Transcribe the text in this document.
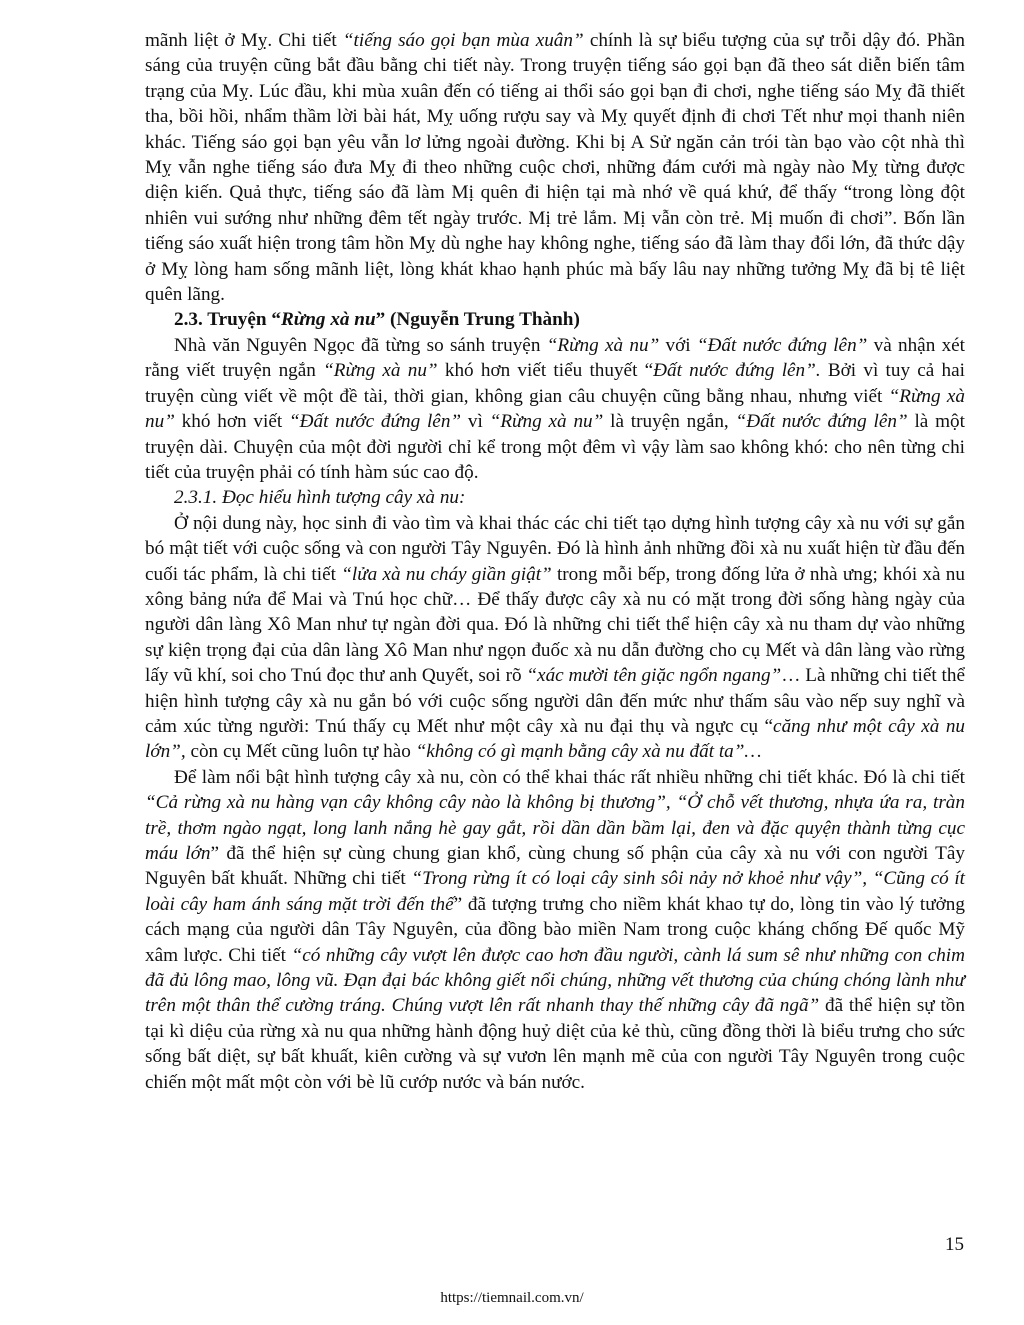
mãnh liệt ở Mỵ. Chi tiết “tiếng sáo gọi bạn mùa xuân” chính là sự biểu tượng của sự trỗi dậy đó. Phần sáng của truyện cũng bắt đầu bằng chi tiết này. Trong truyện tiếng sáo gọi bạn đã theo sát diễn biến tâm trạng của Mỵ. Lúc đầu, khi mùa xuân đến có tiếng ai thổi sáo gọi bạn đi chơi, nghe tiếng sáo Mỵ đã thiết tha, bồi hồi, nhẩm thầm lời bài hát, Mỵ uống rượu say và Mỵ quyết định đi chơi Tết như mọi thanh niên khác. Tiếng sáo gọi bạn yêu vẫn lơ lửng ngoài đường. Khi bị A Sử ngăn cản trói tàn bạo vào cột nhà thì Mỵ vẫn nghe tiếng sáo đưa Mỵ đi theo những cuộc chơi, những đám cưới mà ngày nào Mỵ từng được diện kiến. Quả thực, tiếng sáo đã làm Mị quên đi hiện tại mà nhớ về quá khứ, để thấy “trong lòng đột nhiên vui sướng như những đêm tết ngày trước. Mị trẻ lắm. Mị vẫn còn trẻ. Mị muốn đi chơi”. Bốn lần tiếng sáo xuất hiện trong tâm hồn Mỵ dù nghe hay không nghe, tiếng sáo đã làm thay đổi lớn, đã thức dậy ở Mỵ lòng ham sống mãnh liệt, lòng khát khao hạnh phúc mà bấy lâu nay những tưởng Mỵ đã bị tê liệt quên lãng.

2.3. Truyện “Rừng xà nu” (Nguyễn Trung Thành)

Nhà văn Nguyên Ngọc đã từng so sánh truyện “Rừng xà nu” với “Đất nước đứng lên” và nhận xét rằng viết truyện ngắn “Rừng xà nu” khó hơn viết tiểu thuyết “Đất nước đứng lên”. Bởi vì tuy cả hai truyện cùng viết về một đề tài, thời gian, không gian câu chuyện cũng bằng nhau, nhưng viết “Rừng xà nu” khó hơn viết “Đất nước đứng lên” vì “Rừng xà nu” là truyện ngắn, “Đất nước đứng lên” là một truyện dài. Chuyện của một đời người chỉ kể trong một đêm vì vậy làm sao không khó: cho nên từng chi tiết của truyện phải có tính hàm súc cao độ.

2.3.1. Đọc hiểu hình tượng cây xà nu:

Ở nội dung này, học sinh đi vào tìm và khai thác các chi tiết tạo dựng hình tượng cây xà nu với sự gắn bó mật tiết với cuộc sống và con người Tây Nguyên. Đó là hình ảnh những đồi xà nu xuất hiện từ đầu đến cuối tác phẩm, là chi tiết “lửa xà nu cháy giần giật” trong mỗi bếp, trong đống lửa ở nhà ưng; khói xà nu xông bảng nứa để Mai và Tnú học chữ… Để thấy được cây xà nu có mặt trong đời sống hàng ngày của người dân làng Xô Man như tự ngàn đời qua. Đó là những chi tiết thể hiện cây xà nu tham dự vào những sự kiện trọng đại của dân làng Xô Man như ngọn đuốc xà nu dẫn đường cho cụ Mết và dân làng vào rừng lấy vũ khí, soi cho Tnú đọc thư anh Quyết, soi rõ “xác mười tên giặc ngổn ngang”… Là những chi tiết thể hiện hình tượng cây xà nu gắn bó với cuộc sống người dân đến mức như thấm sâu vào nếp suy nghĩ và cảm xúc từng người: Tnú thấy cụ Mết như một cây xà nu đại thụ và ngực cụ “căng như một cây xà nu lớn”, còn cụ Mết cũng luôn tự hào “không có gì mạnh bằng cây xà nu đất ta”…

Để làm nổi bật hình tượng cây xà nu, còn có thể khai thác rất nhiều những chi tiết khác. Đó là chi tiết “Cả rừng xà nu hàng vạn cây không cây nào là không bị thương”, “Ở chỗ vết thương, nhựa ứa ra, tràn trề, thơm ngào ngạt, long lanh nắng hè gay gắt, rồi dần dần bầm lại, đen và đặc quyện thành từng cục máu lớn” đã thể hiện sự cùng chung gian khổ, cùng chung số phận của cây xà nu với con người Tây Nguyên bất khuất. Những chi tiết “Trong rừng ít có loại cây sinh sôi nảy nở khoẻ như vậy”, “Cũng có ít loài cây ham ánh sáng mặt trời đến thế” đã tượng trưng cho niềm khát khao tự do, lòng tin vào lý tưởng cách mạng của người dân Tây Nguyên, của đồng bào miền Nam trong cuộc kháng chống Đế quốc Mỹ xâm lược. Chi tiết “có những cây vượt lên được cao hơn đầu người, cành lá sum sê như những con chim đã đủ lông mao, lông vũ. Đạn đại bác không giết nổi chúng, những vết thương của chúng chóng lành như trên một thân thể cường tráng. Chúng vượt lên rất nhanh thay thế những cây đã ngã” đã thể hiện sự tồn tại kì diệu của rừng xà nu qua những hành động huỷ diệt của kẻ thù, cũng đồng thời là biểu trưng cho sức sống bất diệt, sự bất khuất, kiên cường và sự vươn lên mạnh mẽ của con người Tây Nguyên trong cuộc chiến một mất một còn với bè lũ cướp nước và bán nước.

15
https://tiemnail.com.vn/
